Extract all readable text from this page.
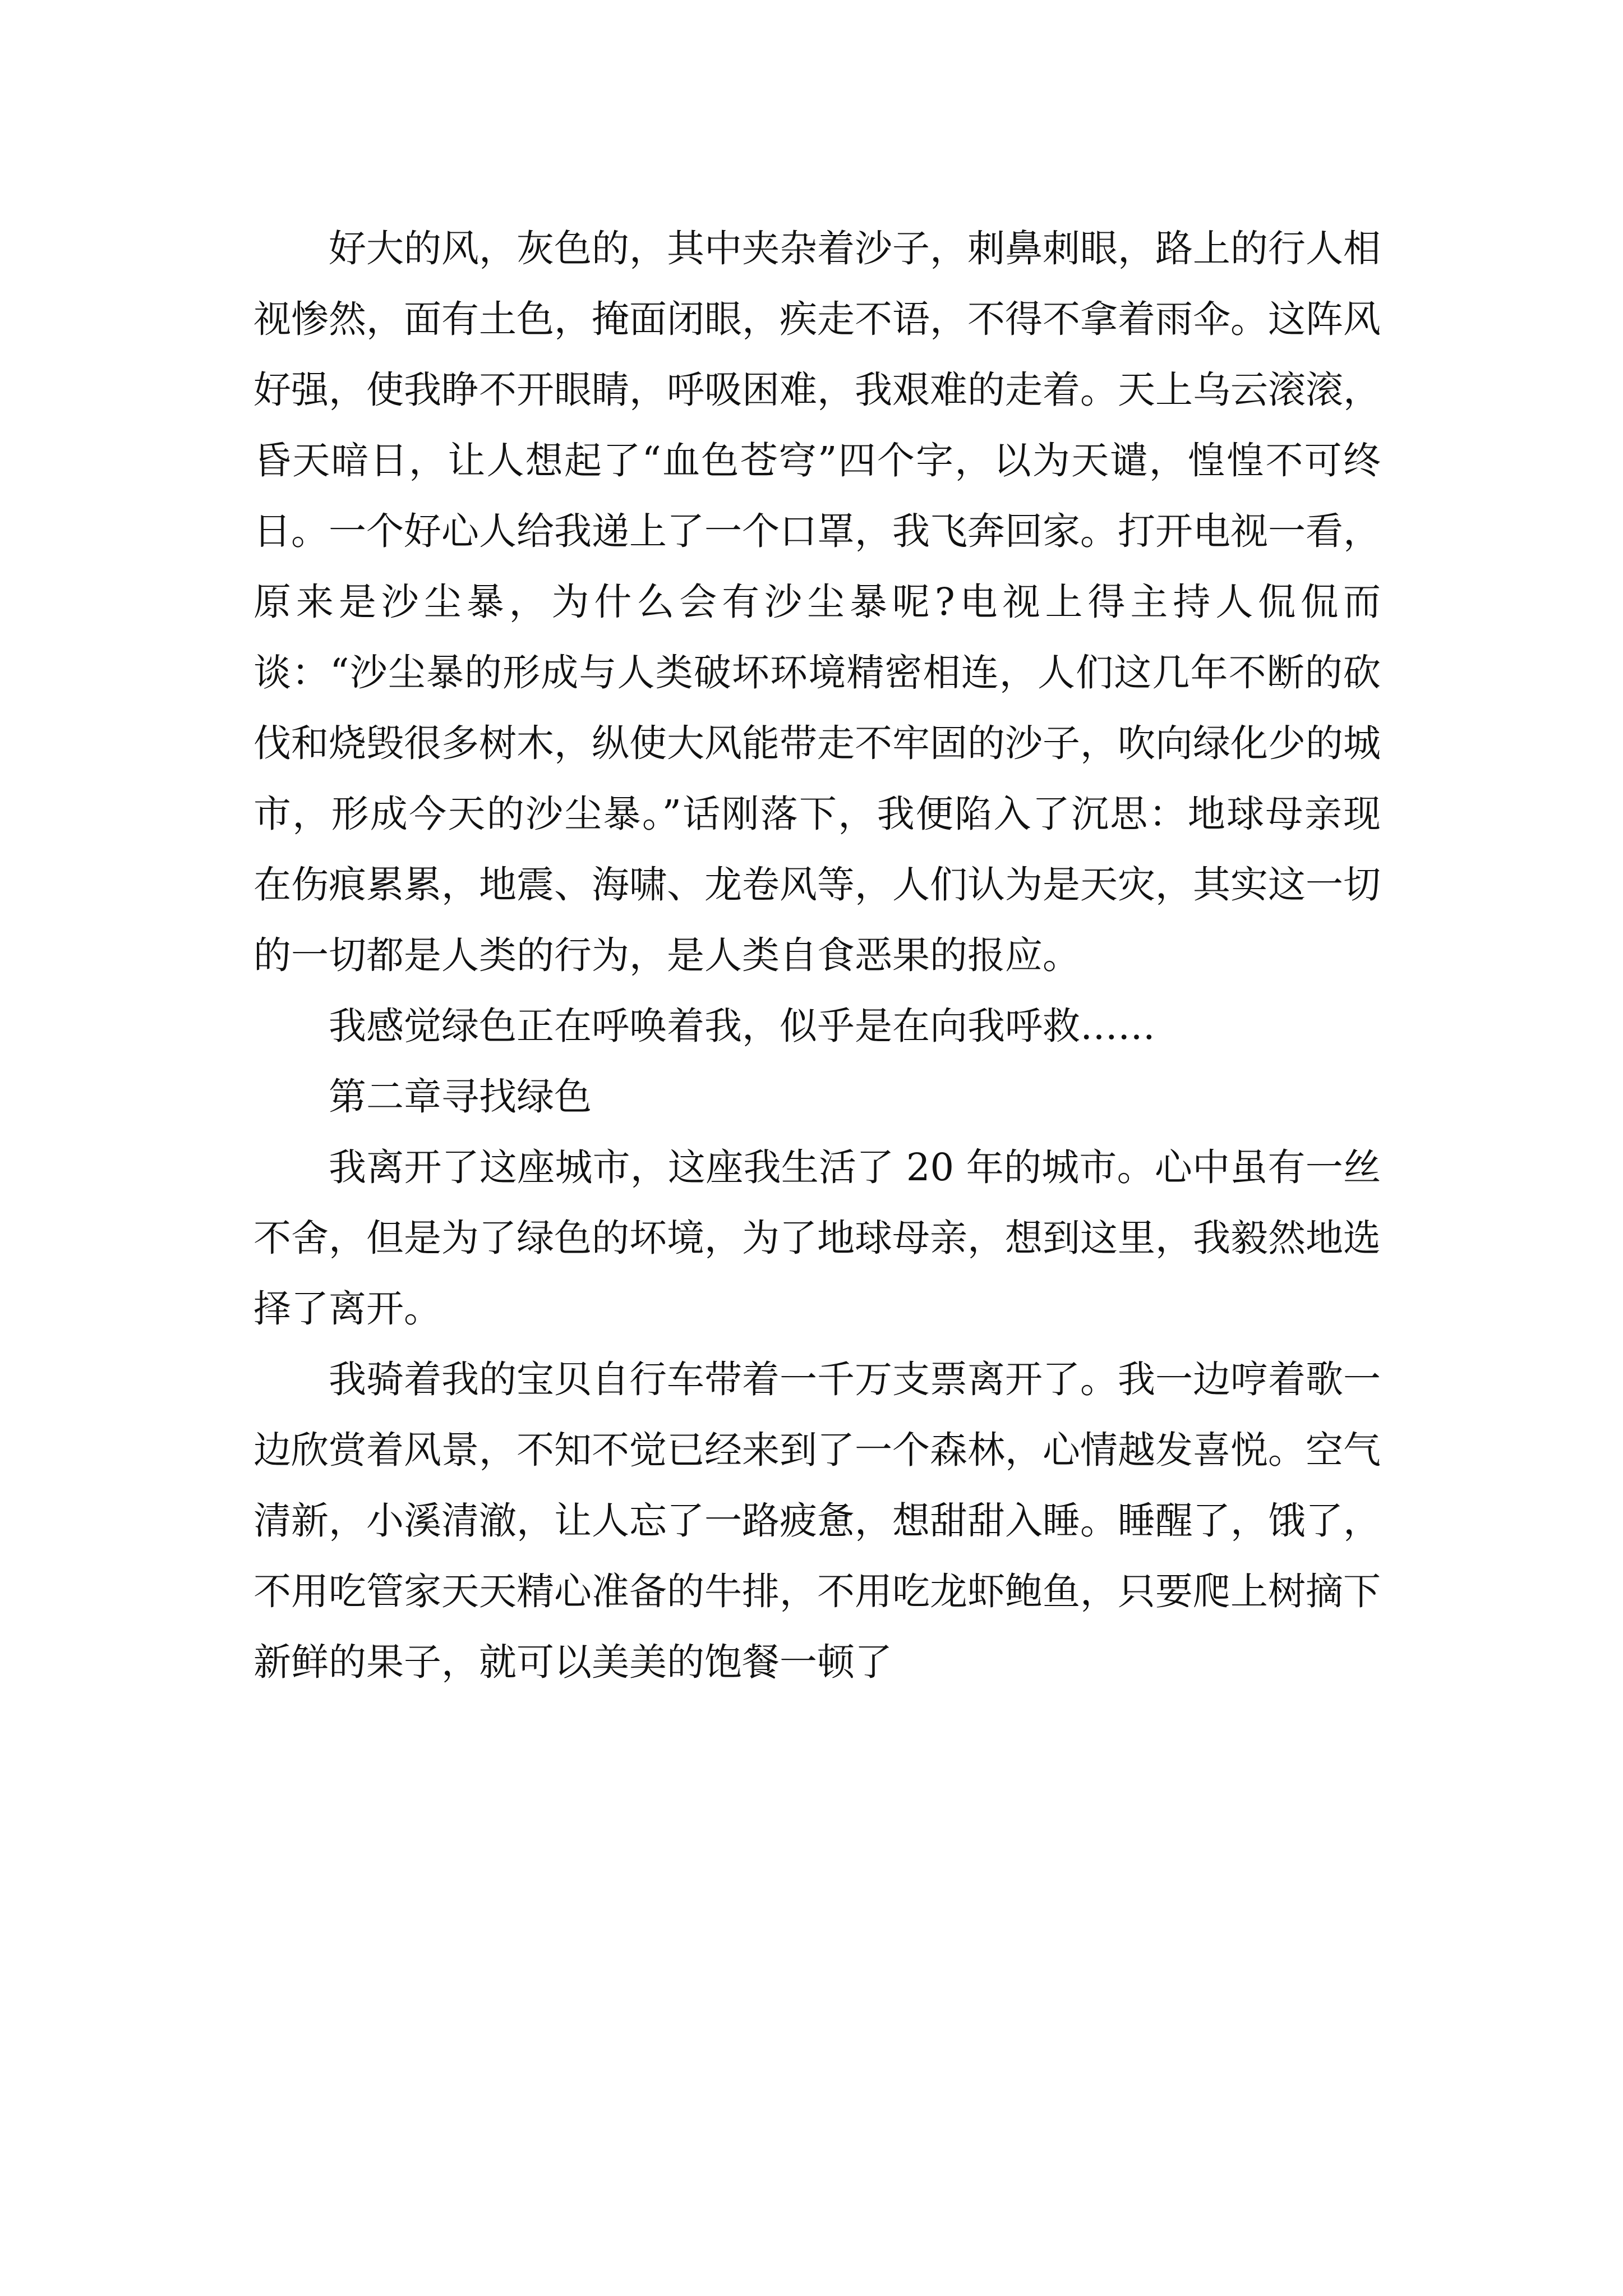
好大的风，灰色的，其中夹杂着沙子，刺鼻刺眼，路上的行人相视惨然，面有土色，掩面闭眼，疾走不语，不得不拿着雨伞。这阵风好强，使我睁不开眼睛，呼吸困难，我艰难的走着。天上乌云滚滚，昏天暗日，让人想起了“血色苍穹”四个字，以为天谴，惶惶不可终日。一个好心人给我递上了一个口罩，我飞奔回家。打开电视一看，原来是沙尘暴，为什么会有沙尘暴呢?电视上得主持人侃侃而谈：“沙尘暴的形成与人类破坏环境精密相连，人们这几年不断的砍伐和烧毁很多树木，纵使大风能带走不牢固的沙子，吹向绿化少的城市，形成今天的沙尘暴。”话刚落下，我便陷入了沉思：地球母亲现在伤痕累累，地震、海啸、龙卷风等，人们认为是天灾，其实这一切的一切都是人类的行为，是人类自食恶果的报应。

我感觉绿色正在呼唤着我，似乎是在向我呼救……

第二章寻找绿色

我离开了这座城市，这座我生活了 20 年的城市。心中虽有一丝不舍，但是为了绿色的坏境，为了地球母亲，想到这里，我毅然地选择了离开。

我骑着我的宝贝自行车带着一千万支票离开了。我一边哼着歌一边欣赏着风景，不知不觉已经来到了一个森林，心情越发喜悦。空气清新，小溪清澈，让人忘了一路疲惫，想甜甜入睡。睡醒了，饿了，不用吃管家天天精心准备的牛排，不用吃龙虾鲍鱼，只要爬上树摘下新鲜的果子，就可以美美的饱餐一顿了
